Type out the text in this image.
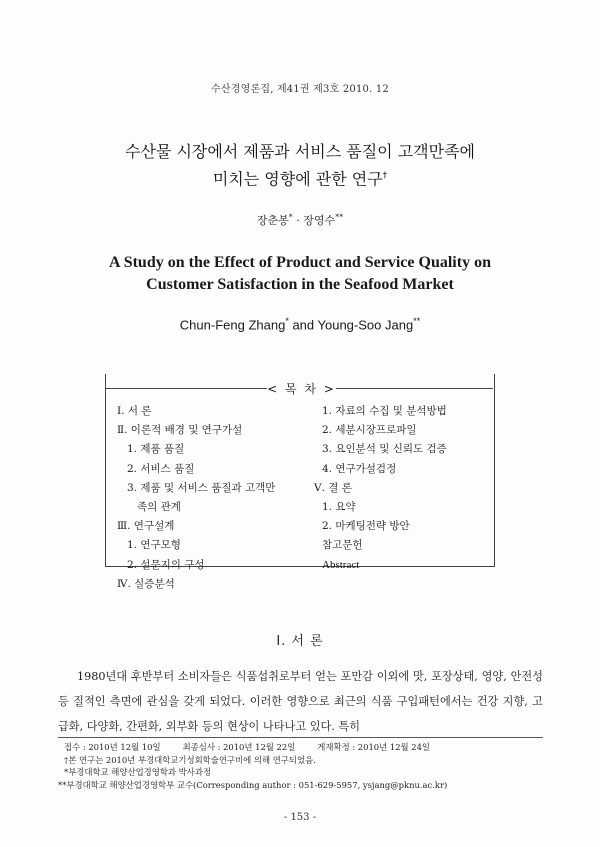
수산경영론집, 제41권 제3호 2010. 12
수산물 시장에서 제품과 서비스 품질이 고객만족에
미치는 영향에 관한 연구†
장춘봉* · 장영수**
A Study on the Effect of Product and Service Quality on
Customer Satisfaction in the Seafood Market
Chun-Feng Zhang* and Young-Soo Jang**
< 목 차 >
Ⅰ. 서 론
Ⅱ. 이론적 배경 및 연구가설
1. 제품 품질
2. 서비스 품질
3. 제품 및 서비스 품질과 고객만
족의 관계
Ⅲ. 연구설계
1. 연구모형
2. 설문지의 구성
Ⅳ. 실증분석
1. 자료의 수집 및 분석방법
2. 세분시장프로파일
3. 요인분석 및 신뢰도 검증
4. 연구가설검정
Ⅴ. 결 론
1. 요약
2. 마케팅전략 방안
참고문헌
Abstract
Ⅰ. 서 론
1980년대 후반부터 소비자들은 식품섭취로부터 얻는 포만감 이외에 맛, 포장상태, 영양, 안전성 등 질적인 측면에 관심을 갖게 되었다. 이러한 영향으로 최근의 식품 구입패턴에서는 건강 지향, 고급화, 다양화, 간편화, 외부화 등의 현상이 나타나고 있다. 특히
접수 : 2010년 12월 10일	최종심사 : 2010년 12월 22일	게재확정 : 2010년 12월 24일
†본 연구는 2010년 부경대학교기성회학술연구비에 의해 연구되었음.
*부경대학교 해양산업경영학과 박사과정
**부경대학교 해양산업경영학부 교수(Corresponding author : 051-629-5957, ysjang@pknu.ac.kr)
- 153 -
